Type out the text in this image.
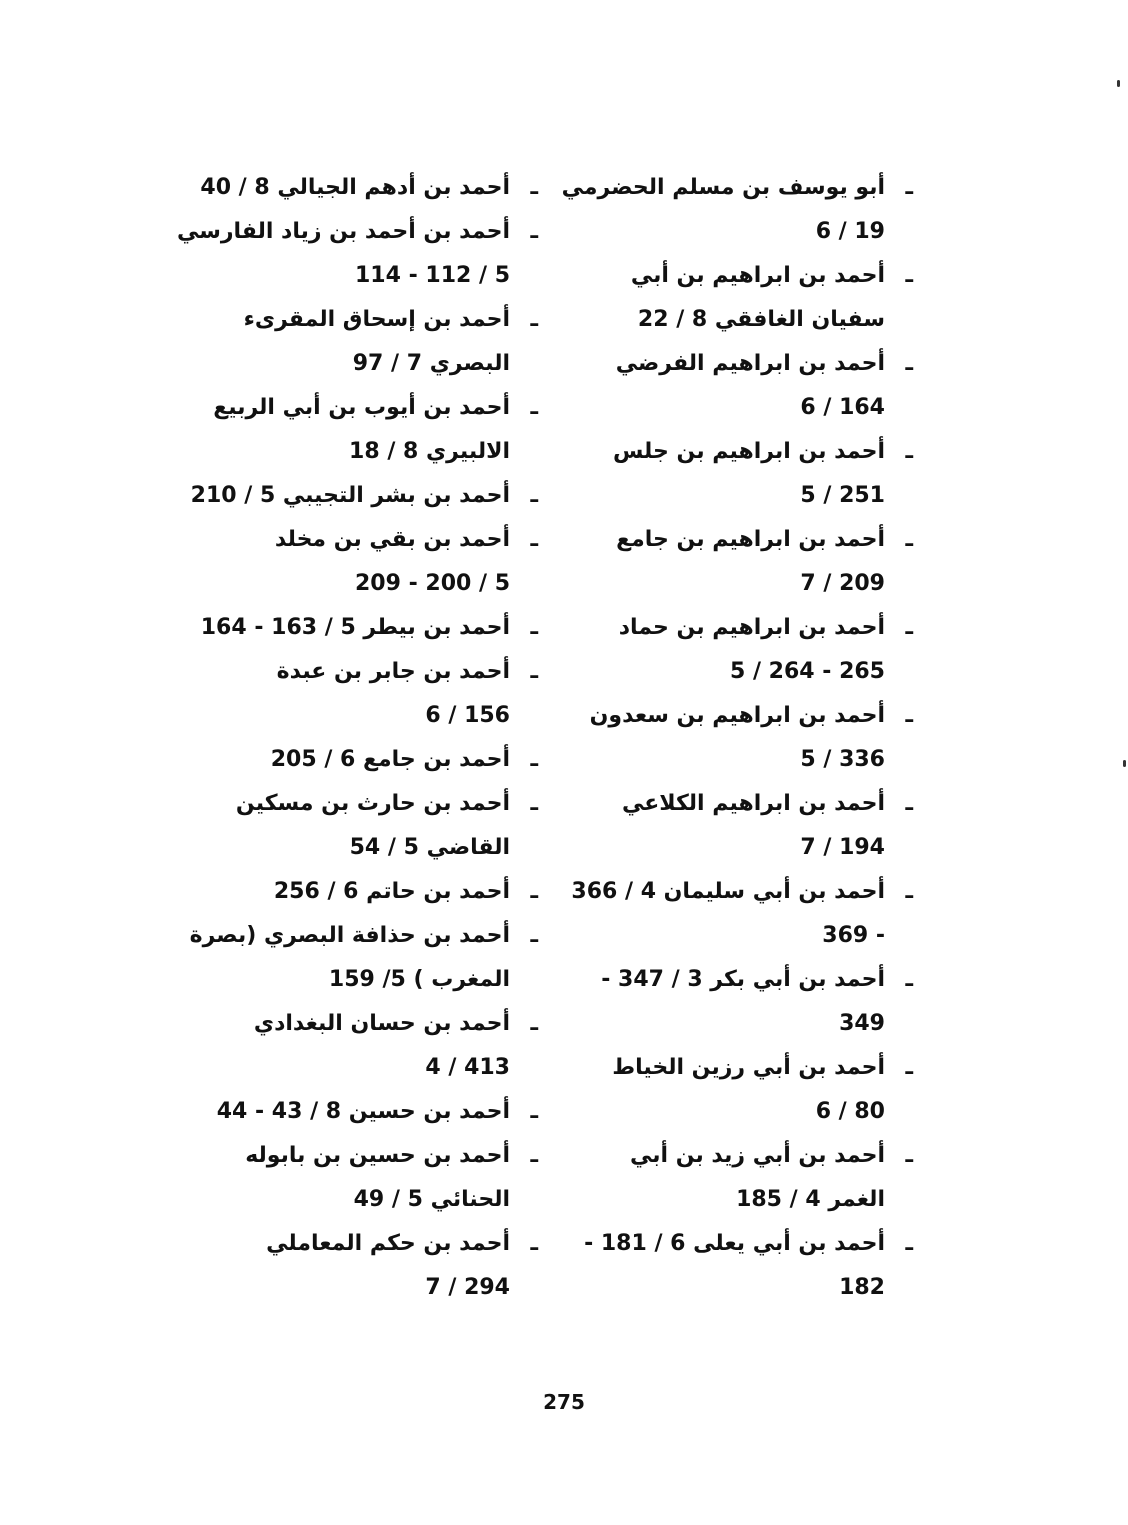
ـ
أبو يوسف بن مسلم الحضرمي
19 / 6
ـ
أحمد بن ابراهيم بن أبي
سفيان الغافقي 8 / 22
ـ
أحمد بن ابراهيم الفرضي
164 / 6
ـ
أحمد بن ابراهيم بن جلس
251 / 5
ـ
أحمد بن ابراهيم بن جامع
209 / 7
ـ
أحمد بن ابراهيم بن حماد
265 - 264 / 5
ـ
أحمد بن ابراهيم بن سعدون
336 / 5
ـ
أحمد بن ابراهيم الكلاعي
194 / 7
ـ
أحمد بن أبي سليمان 4 / 366
- 369
ـ
أحمد بن أبي بكر 3 / 347 -
349
ـ
أحمد بن أبي رزين الخياط
80 / 6
ـ
أحمد بن أبي زيد بن أبي
الغمر 4 / 185
ـ
أحمد بن أبي يعلى 6 / 181 -
182
ـ
أحمد بن أدهم الجيالي 8 / 40
ـ
أحمد بن أحمد بن زياد الفارسي
5 / 112 - 114
ـ
أحمد بن إسحاق المقرىء
البصري 7 / 97
ـ
أحمد بن أيوب بن أبي الربيع
الالبيري 8 / 18
ـ
أحمد بن بشر التجيبي 5 / 210
ـ
أحمد بن بقي بن مخلد
5 / 200 - 209
ـ
أحمد بن بيطر 5 / 163 - 164
ـ
أحمد بن جابر بن عبدة
156 / 6
ـ
أحمد بن جامع 6 / 205
ـ
أحمد بن حارث بن مسكين
القاضي 5 / 54
ـ
أحمد بن حاتم 6 / 256
ـ
أحمد بن حذافة البصري (بصرة
المغرب ) 5/ 159
ـ
أحمد بن حسان البغدادي
413 / 4
ـ
أحمد بن حسين 8 / 43 - 44
ـ
أحمد بن حسين بن بابوله
الحنائي 5 / 49
ـ
أحمد بن حكم المعاملي
294 / 7
275
